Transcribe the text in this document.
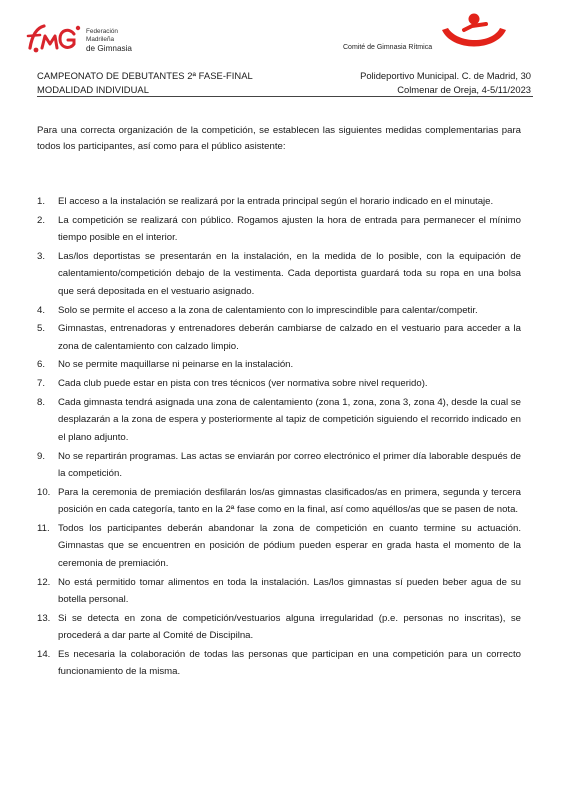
Federación Madrileña
de Gimnasia	Comité de Gimnasia Rítmica
CAMPEONATO DE DEBUTANTES 2ª FASE-FINAL
MODALIDAD INDIVIDUAL
Polideportivo Municipal. C. de Madrid, 30
Colmenar de Oreja, 4-5/11/2023
Para una correcta organización de la competición, se establecen las siguientes medidas complementarias para todos los participantes, así como para el público asistente:
1. El acceso a la instalación se realizará por la entrada principal según el horario indicado en el minutaje.
2. La competición se realizará con público. Rogamos ajusten la hora de entrada para permanecer el mínimo tiempo posible en el interior.
3. Las/los deportistas se presentarán en la instalación, en la medida de lo posible, con la equipación de calentamiento/competición debajo de la vestimenta. Cada deportista guardará toda su ropa en una bolsa que será depositada en el vestuario asignado.
4. Solo se permite el acceso a la zona de calentamiento con lo imprescindible para calentar/competir.
5. Gimnastas, entrenadoras y entrenadores deberán cambiarse de calzado en el vestuario para acceder a la zona de calentamiento con calzado limpio.
6. No se permite maquillarse ni peinarse en la instalación.
7. Cada club puede estar en pista con tres técnicos (ver normativa sobre nivel requerido).
8. Cada gimnasta tendrá asignada una zona de calentamiento (zona 1, zona, zona 3, zona 4), desde la cual se desplazarán a la zona de espera y posteriormente al tapiz de competición siguiendo el recorrido indicado en el plano adjunto.
9. No se repartirán programas. Las actas se enviarán por correo electrónico el primer día laborable después de la competición.
10. Para la ceremonia de premiación desfilarán los/as gimnastas clasificados/as en primera, segunda y tercera posición en cada categoría, tanto en la 2ª fase como en la final, así como aquéllos/as que se pasen de nota.
11. Todos los participantes deberán abandonar la zona de competición en cuanto termine su actuación. Gimnastas que se encuentren en posición de pódium pueden esperar en grada hasta el momento de la ceremonia de premiación.
12. No está permitido tomar alimentos en toda la instalación. Las/los gimnastas sí pueden beber agua de su botella personal.
13. Si se detecta en zona de competición/vestuarios alguna irregularidad (p.e. personas no inscritas), se procederá a dar parte al Comité de Discipilna.
14. Es necesaria la colaboración de todas las personas que participan en una competición para un correcto funcionamiento de la misma.
